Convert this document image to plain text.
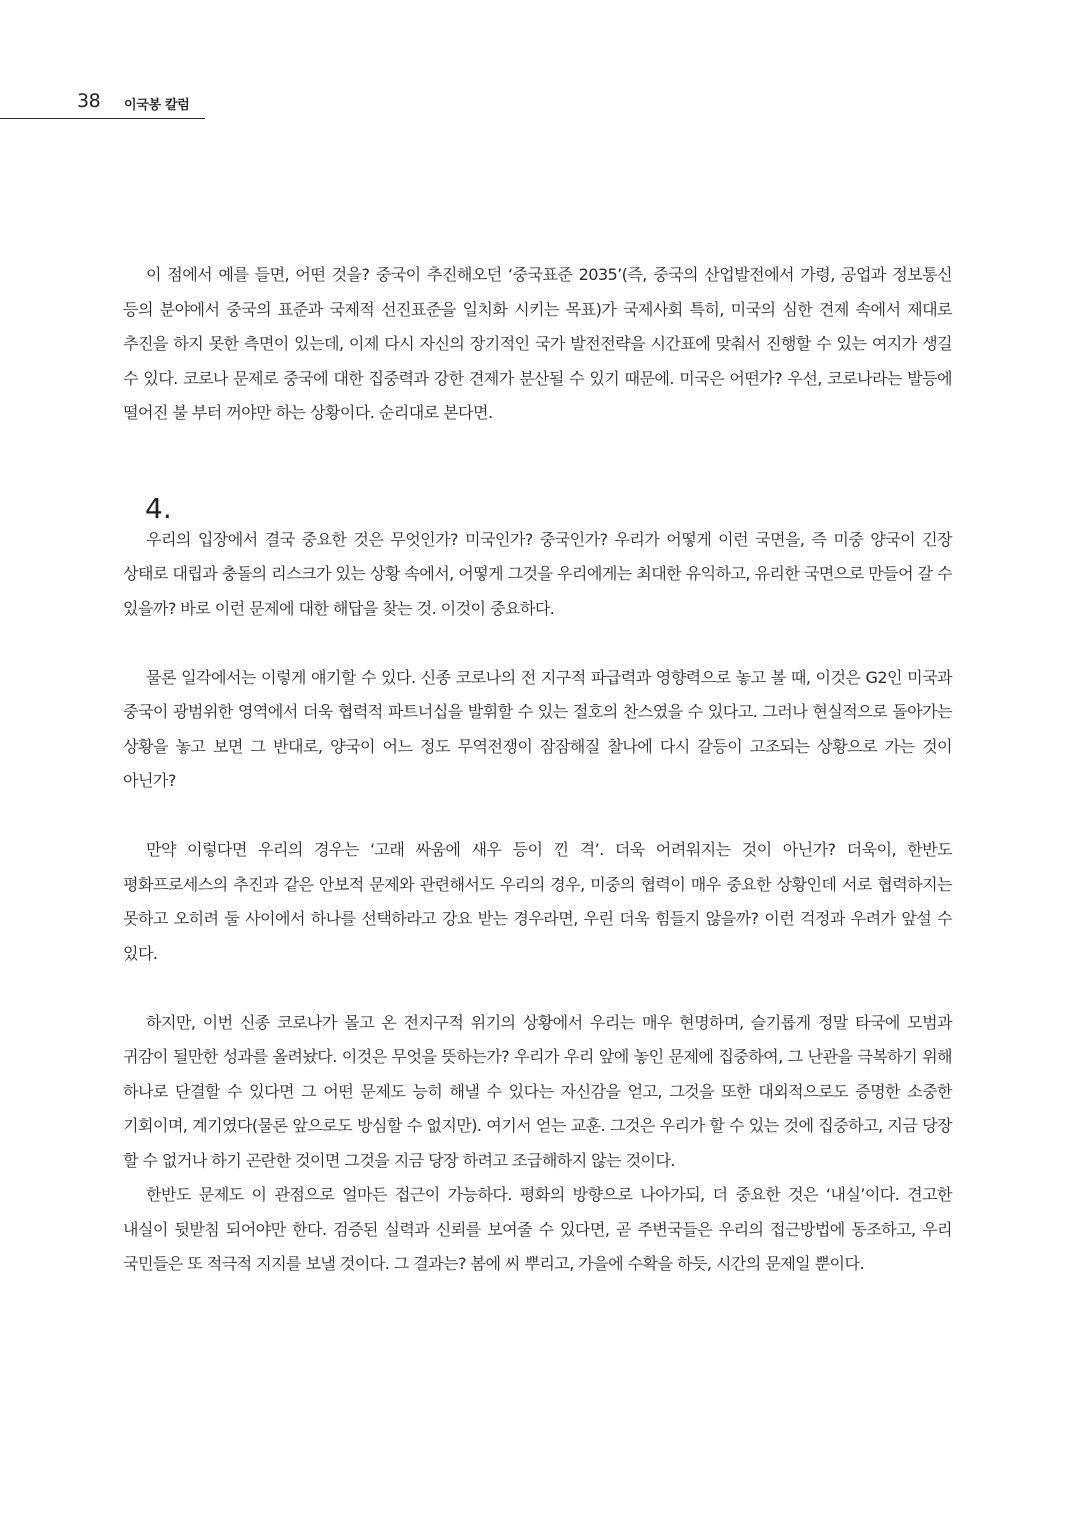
38 이국봉 칼럼

이 점에서 예를 들면, 어떤 것을? 중국이 추진해오던 ‘중국표준 2035’(즉, 중국의 산업발전에서 가령, 공업과 정보통신 등의 분야에서 중국의 표준과 국제적 선진표준을 일치화 시키는 목표)가 국제사회 특히, 미국의 심한 견제 속에서 제대로 추진을 하지 못한 측면이 있는데, 이제 다시 자신의 장기적인 국가 발전전략을 시간표에 맞춰서 진행할 수 있는 여지가 생길 수 있다. 코로나 문제로 중국에 대한 집중력과 강한 견제가 분산될 수 있기 때문에. 미국은 어떤가? 우선, 코로나라는 발등에 떨어진 불 부터 꺼야만 하는 상황이다. 순리대로 본다면.

4.

우리의 입장에서 결국 중요한 것은 무엇인가? 미국인가? 중국인가? 우리가 어떻게 이런 국면을, 즉 미중 양국이 긴장 상태로 대립과 충돌의 리스크가 있는 상황 속에서, 어떻게 그것을 우리에게는 최대한 유익하고, 유리한 국면으로 만들어 갈 수 있을까? 바로 이런 문제에 대한 해답을 찾는 것. 이것이 중요하다.

물론 일각에서는 이렇게 얘기할 수 있다. 신종 코로나의 전 지구적 파급력과 영향력으로 놓고 볼 때, 이것은 G2인 미국과 중국이 광범위한 영역에서 더욱 협력적 파트너십을 발휘할 수 있는 절호의 찬스였을 수 있다고. 그러나 현실적으로 돌아가는 상황을 놓고 보면 그 반대로, 양국이 어느 정도 무역전쟁이 잠잠해질 찰나에 다시 갈등이 고조되는 상황으로 가는 것이 아닌가?

만약 이렇다면 우리의 경우는 ‘고래 싸움에 새우 등이 낀 격’. 더욱 어려워지는 것이 아닌가? 더욱이, 한반도 평화프로세스의 추진과 같은 안보적 문제와 관련해서도 우리의 경우, 미중의 협력이 매우 중요한 상황인데 서로 협력하지는 못하고 오히려 둘 사이에서 하나를 선택하라고 강요 받는 경우라면, 우린 더욱 힘들지 않을까? 이런 걱정과 우려가 앞설 수 있다.

하지만, 이번 신종 코로나가 몰고 온 전지구적 위기의 상황에서 우리는 매우 현명하며, 슬기롭게 정말 타국에 모범과 귀감이 될만한 성과를 올려놨다. 이것은 무엇을 뜻하는가? 우리가 우리 앞에 놓인 문제에 집중하여, 그 난관을 극복하기 위해 하나로 단결할 수 있다면 그 어떤 문제도 능히 해낼 수 있다는 자신감을 얻고, 그것을 또한 대외적으로도 증명한 소중한 기회이며, 계기였다(물론 앞으로도 방심할 수 없지만). 여기서 얻는 교훈. 그것은 우리가 할 수 있는 것에 집중하고, 지금 당장 할 수 없거나 하기 곤란한 것이면 그것을 지금 당장 하려고 조급해하지 않는 것이다.

한반도 문제도 이 관점으로 얼마든 접근이 가능하다. 평화의 방향으로 나아가되, 더 중요한 것은 ‘내실’이다. 견고한 내실이 뒷받침 되어야만 한다. 검증된 실력과 신뢰를 보여줄 수 있다면, 곧 주변국들은 우리의 접근방법에 동조하고, 우리 국민들은 또 적극적 지지를 보낼 것이다. 그 결과는? 봄에 씨 뿌리고, 가을에 수확을 하듯, 시간의 문제일 뿐이다.
